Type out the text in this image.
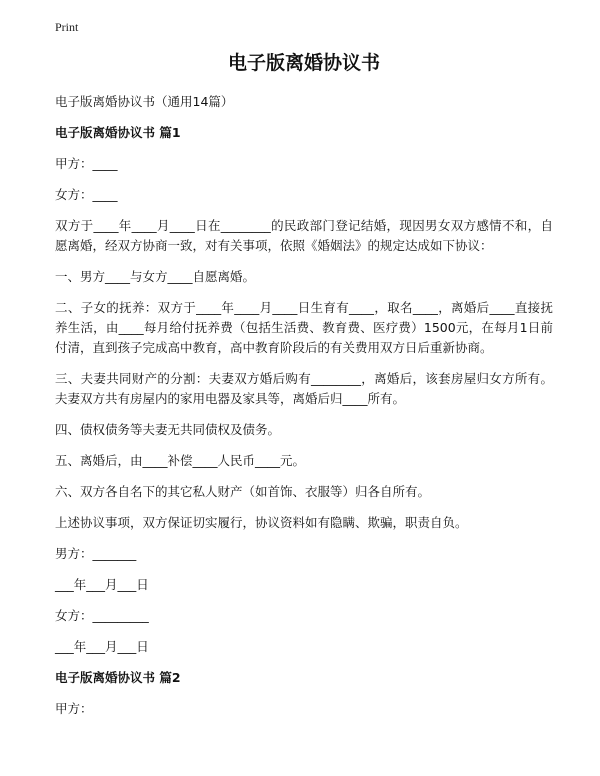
Print
电子版离婚协议书
电子版离婚协议书（通用14篇）
电子版离婚协议书 篇1
甲方：____
女方：____
双方于____年____月____日在________的民政部门登记结婚，现因男女双方感情不和，自愿离婚，经双方协商一致，对有关事项，依照《婚姻法》的规定达成如下协议：
一、男方____与女方____自愿离婚。
二、子女的抚养：双方于____年____月____日生育有____，取名____，离婚后____直接抚养生活，由____每月给付抚养费（包括生活费、教育费、医疗费）1500元，在每月1日前付清，直到孩子完成高中教育，高中教育阶段后的有关费用双方日后重新协商。
三、夫妻共同财产的分割：夫妻双方婚后购有________，离婚后，该套房屋归女方所有。夫妻双方共有房屋内的家用电器及家具等，离婚后归____所有。
四、债权债务等夫妻无共同债权及债务。
五、离婚后，由____补偿____人民币____元。
六、双方各自名下的其它私人财产（如首饰、衣服等）归各自所有。
上述协议事项，双方保证切实履行，协议资料如有隐瞒、欺骗，职责自负。
男方：_______
___年___月___日
女方：_________
___年___月___日
电子版离婚协议书 篇2
甲方：
